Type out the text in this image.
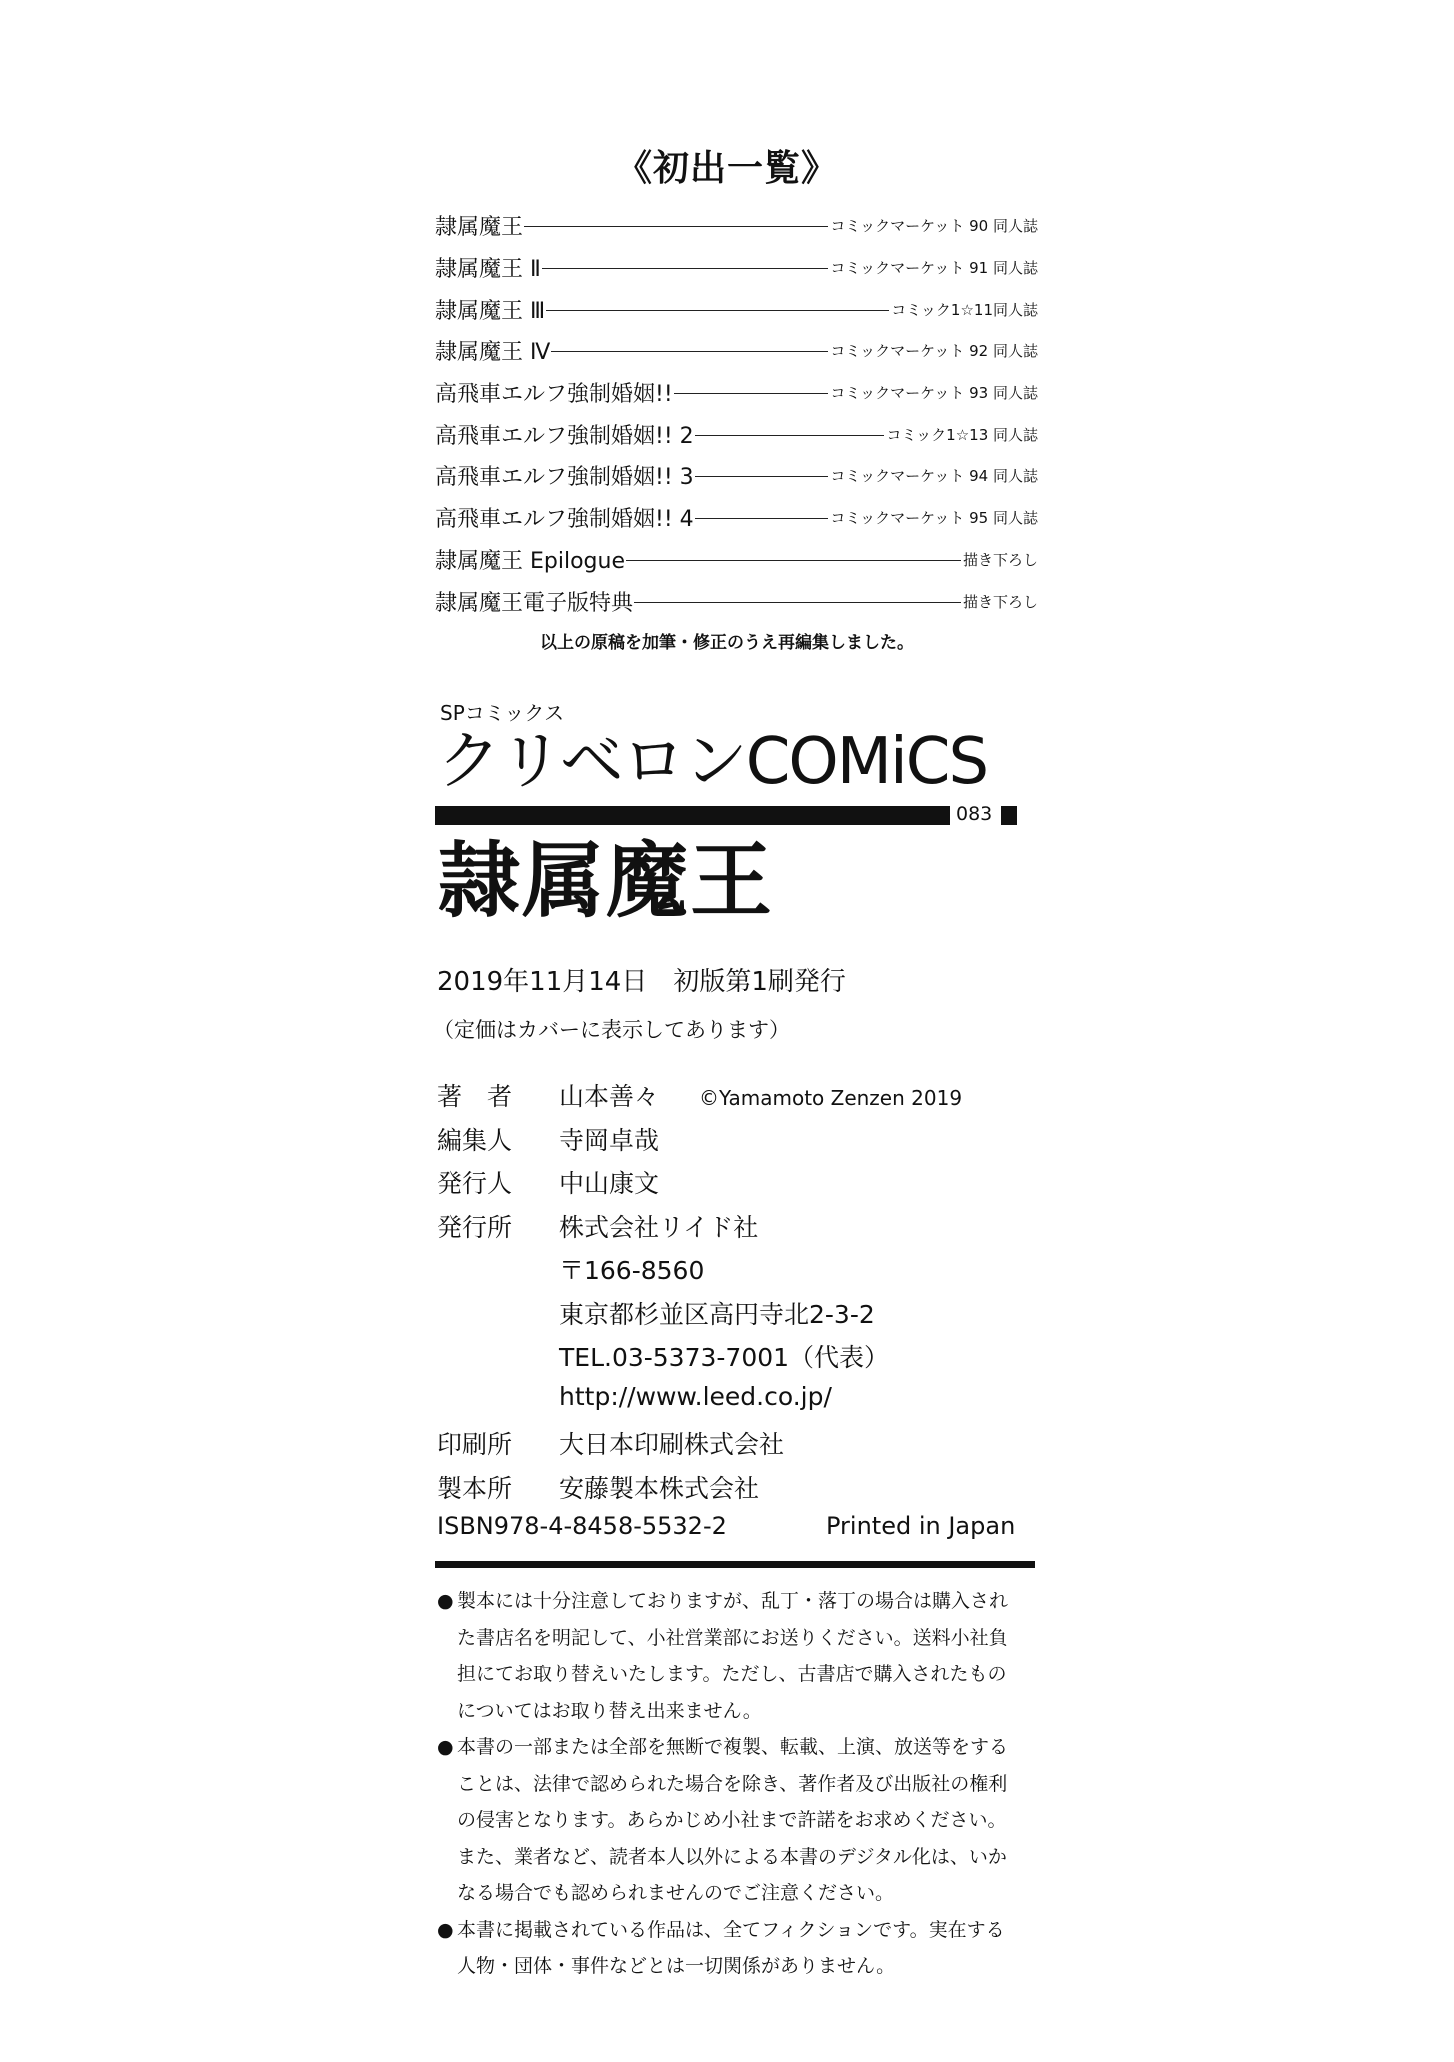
《初出一覧》
隷属魔王	コミックマーケット 90 同人誌
隷属魔王 Ⅱ	コミックマーケット 91 同人誌
隷属魔王 Ⅲ	コミック1☆11同人誌
隷属魔王 Ⅳ	コミックマーケット 92 同人誌
高飛車エルフ強制婚姻!!	コミックマーケット 93 同人誌
高飛車エルフ強制婚姻!! 2	コミック1☆13 同人誌
高飛車エルフ強制婚姻!! 3	コミックマーケット 94 同人誌
高飛車エルフ強制婚姻!! 4	コミックマーケット 95 同人誌
隷属魔王 Epilogue	描き下ろし
隷属魔王電子版特典	描き下ろし
以上の原稿を加筆・修正のうえ再編集しました。
SPコミックス
クリベロンCOMiCS
083
隷属魔王
2019年11月14日　初版第1刷発行
（定価はカバーに表示してあります）
著　者	山本善々 ©Yamamoto Zenzen 2019
編集人	寺岡卓哉
発行人	中山康文
発行所	株式会社リイド社
〒166-8560
東京都杉並区高円寺北2-3-2
TEL.03-5373-7001（代表）
http://www.leed.co.jp/
印刷所	大日本印刷株式会社
製本所	安藤製本株式会社
ISBN978-4-8458-5532-2	Printed in Japan
● 製本には十分注意しておりますが、乱丁・落丁の場合は購入され
た書店名を明記して、小社営業部にお送りください。送料小社負
担にてお取り替えいたします。ただし、古書店で購入されたもの
についてはお取り替え出来ません。
● 本書の一部または全部を無断で複製、転載、上演、放送等をする
ことは、法律で認められた場合を除き、著作者及び出版社の権利
の侵害となります。あらかじめ小社まで許諾をお求めください。
また、業者など、読者本人以外による本書のデジタル化は、いか
なる場合でも認められませんのでご注意ください。
● 本書に掲載されている作品は、全てフィクションです。実在する
人物・団体・事件などとは一切関係がありません。
